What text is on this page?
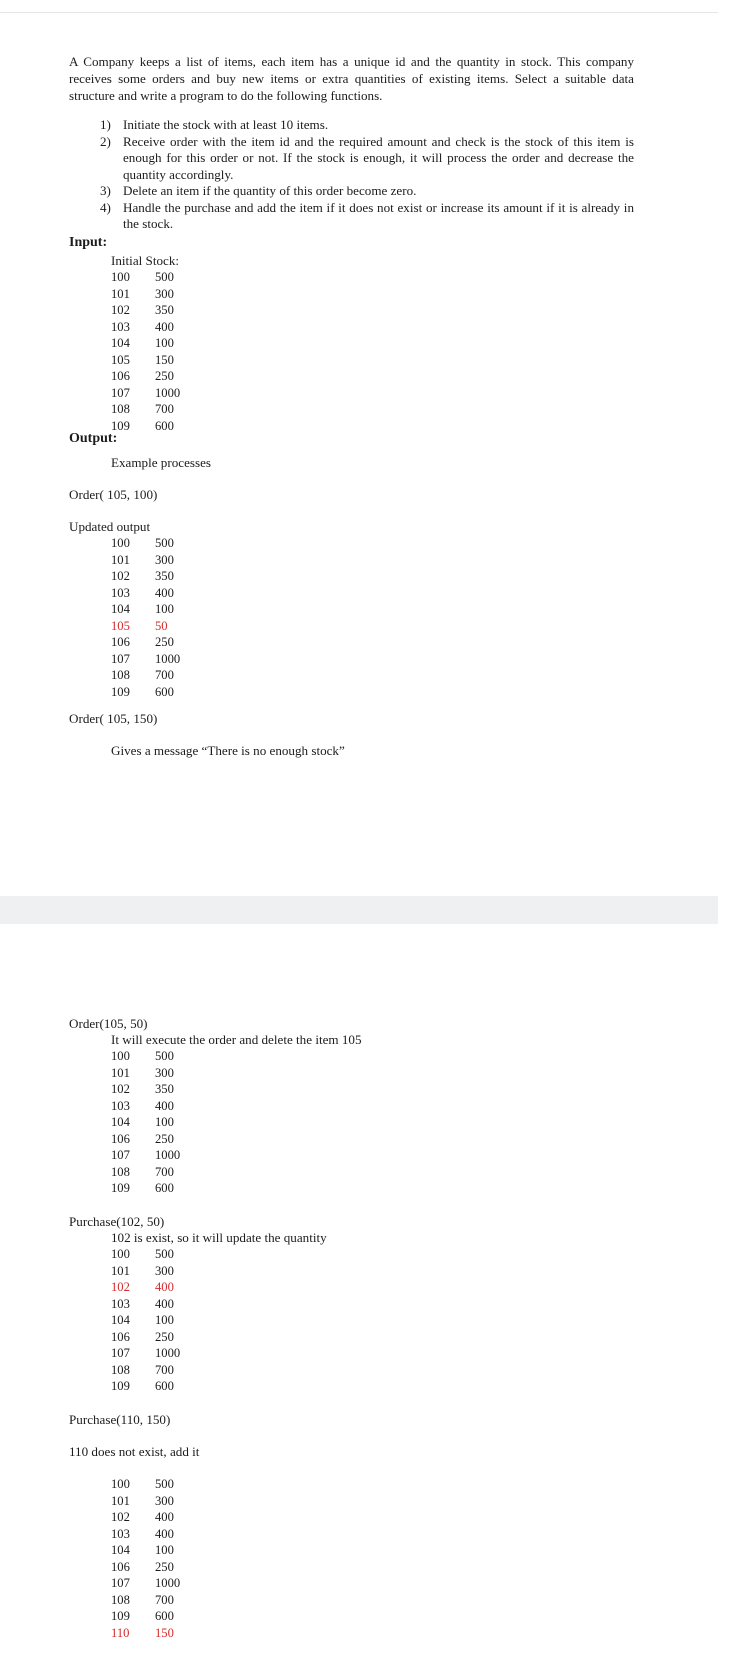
A Company keeps a list of items, each item has a unique id and the quantity in stock. This company receives some orders and buy new items or extra quantities of existing items. Select a suitable data structure and write a program to do the following functions.
1) Initiate the stock with at least 10 items.
2) Receive order with the item id and the required amount and check is the stock of this item is enough for this order or not. If the stock is enough, it will process the order and decrease the quantity accordingly.
3) Delete an item if the quantity of this order become zero.
4) Handle the purchase and add the item if it does not exist or increase its amount if it is already in the stock.
Input:
Initial Stock:
100	500
101	300
102	350
103	400
104	100
105	150
106	250
107	1000
108	700
109	600
Output:
Example processes
Order( 105, 100)
Updated output
100	500
101	300
102	350
103	400
104	100
105	50
106	250
107	1000
108	700
109	600
Order( 105, 150)
Gives a message “There is no enough stock”
Order(105, 50)
It will execute the order and delete the item 105
100	500
101	300
102	350
103	400
104	100
106	250
107	1000
108	700
109	600
Purchase(102, 50)
102 is exist, so it will update the quantity
100	500
101	300
102	400
103	400
104	100
106	250
107	1000
108	700
109	600
Purchase(110, 150)
110 does not exist, add it
100	500
101	300
102	400
103	400
104	100
106	250
107	1000
108	700
109	600
110	150
